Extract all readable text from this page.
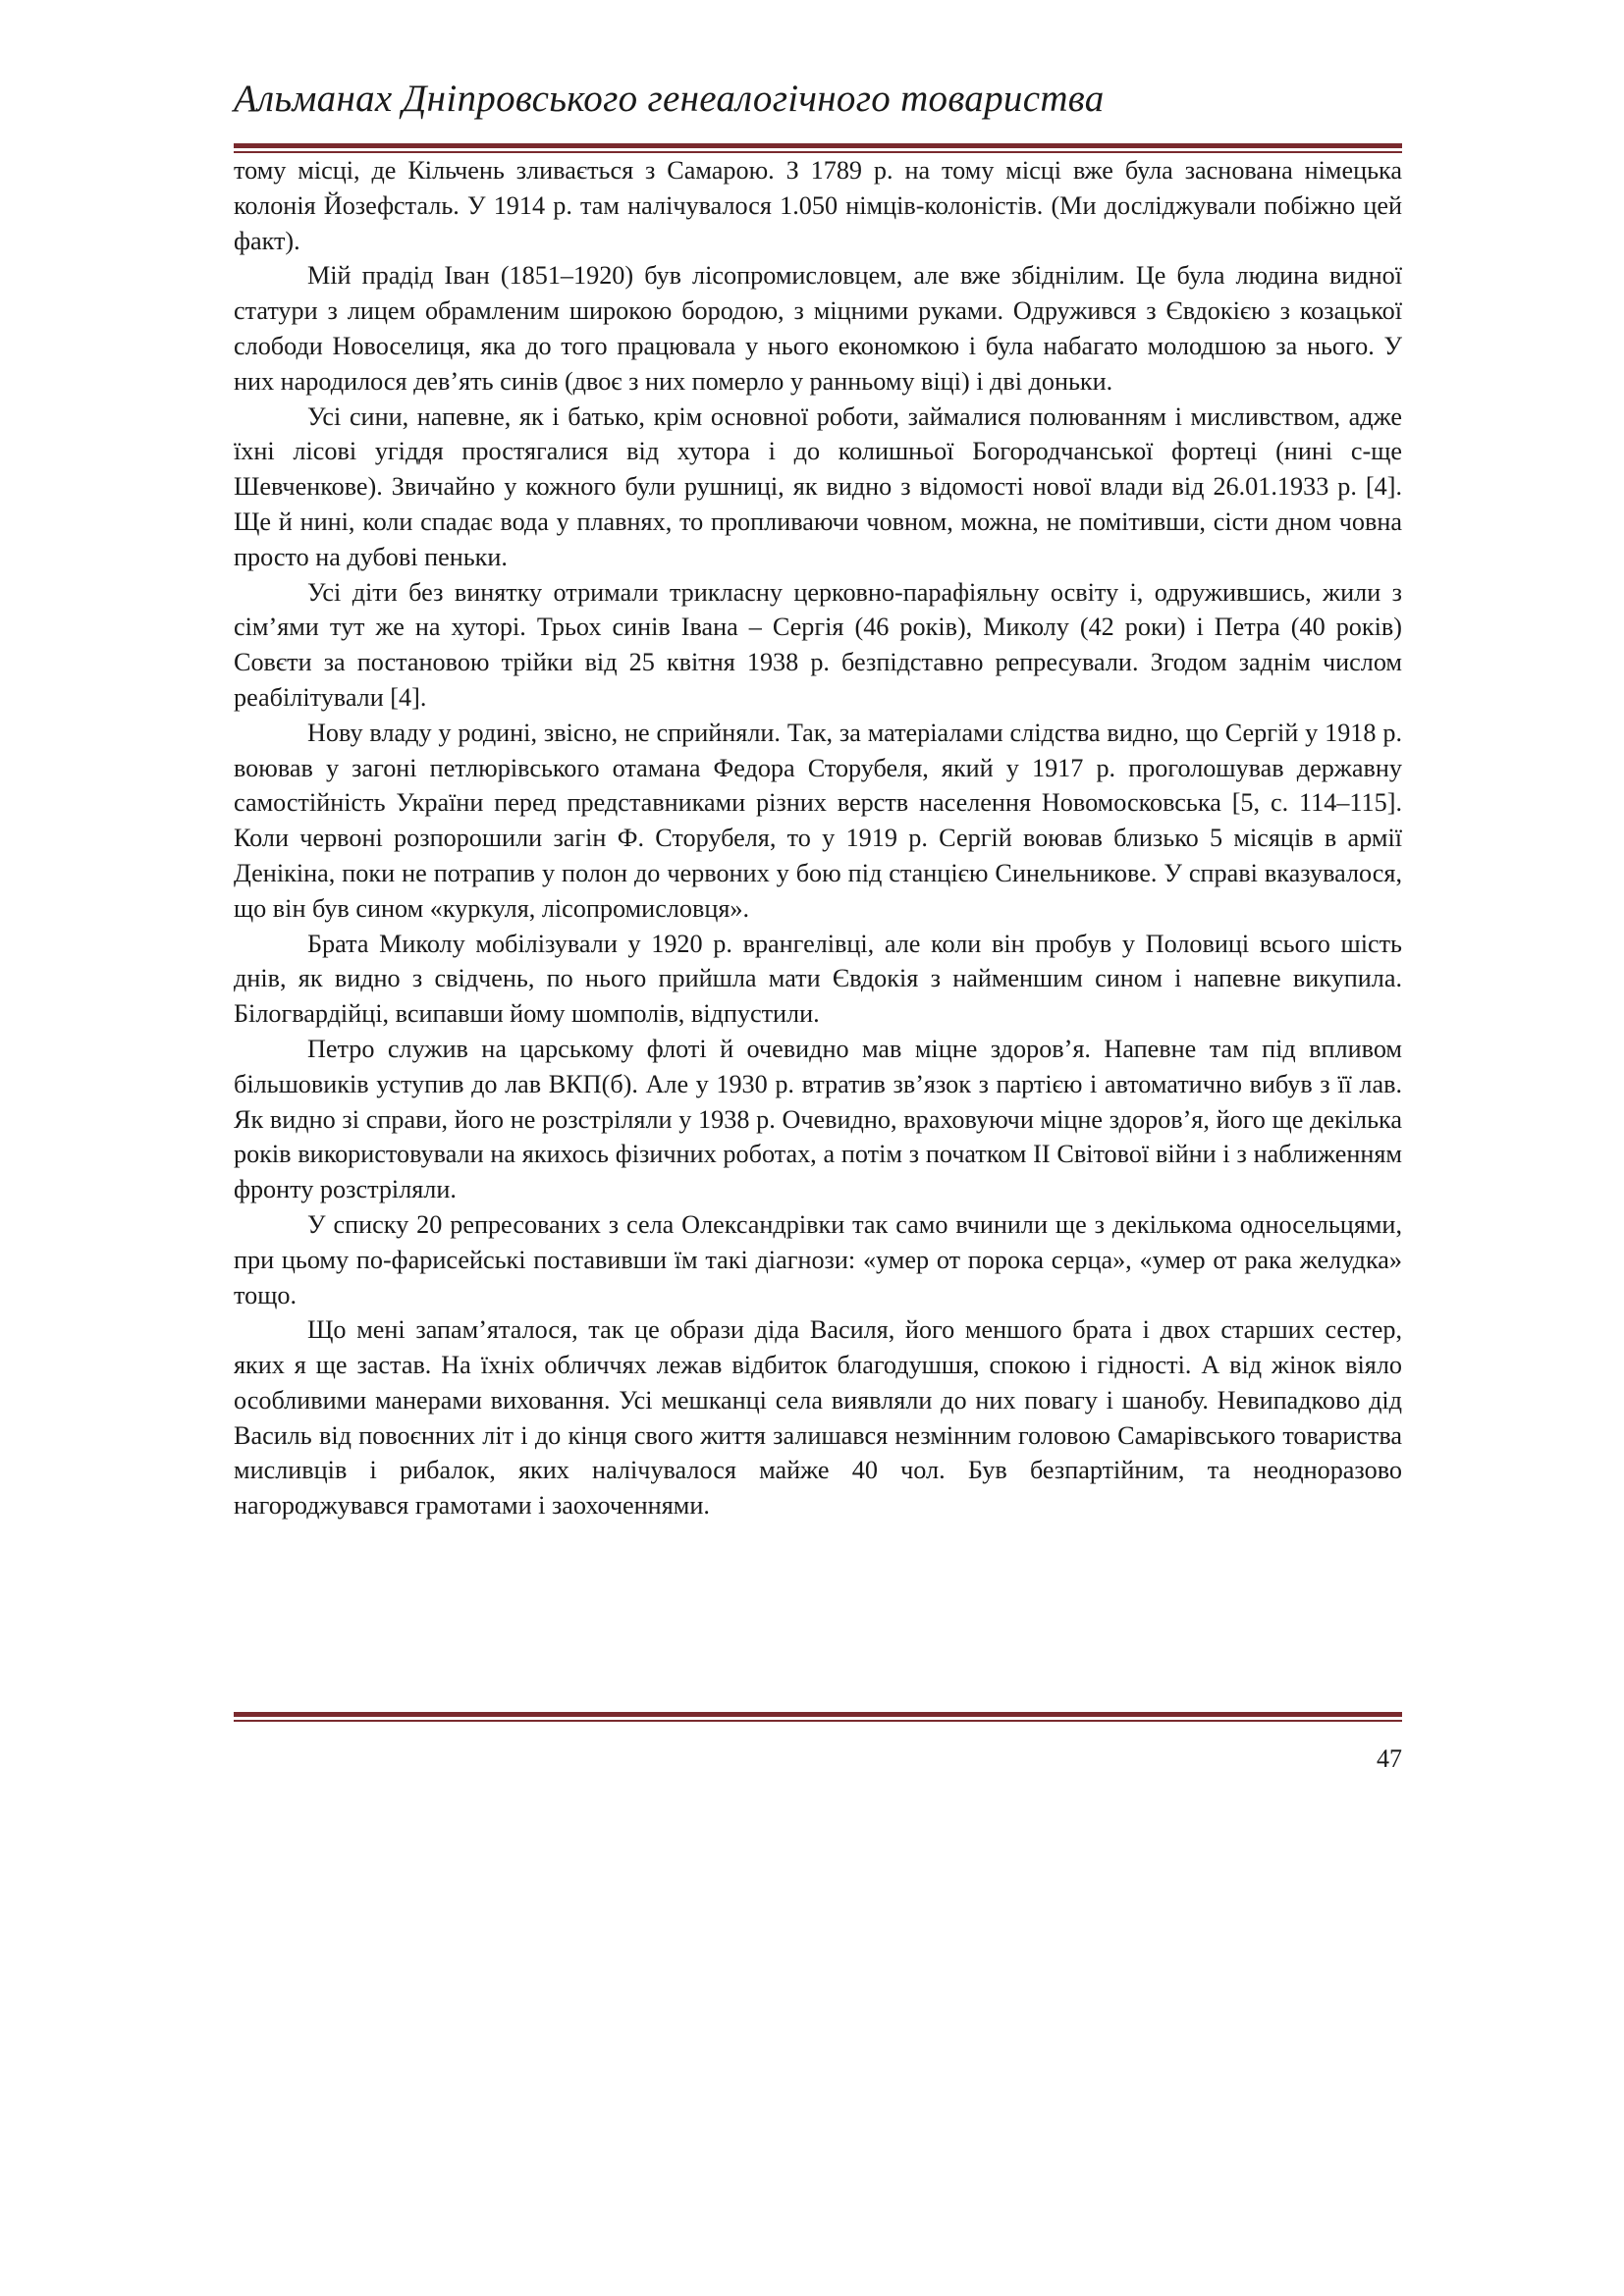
Альманах Дніпровського генеалогічного товариства

тому місці, де Кільчень зливається з Самарою. З 1789 р. на тому місці вже була заснована німецька колонія Йозефсталь. У 1914 р. там налічувалося 1.050 німців-колоністів. (Ми досліджували побіжно цей факт).

Мій прадід Іван (1851–1920) був лісопромисловцем, але вже збіднілим. Це була людина видної статури з лицем обрамленим широкою бородою, з міцними руками. Одружився з Євдокією з козацької слободи Новоселиця, яка до того працювала у нього економкою і була набагато молодшою за нього. У них народилося дев’ять синів (двоє з них померло у ранньому віці) і дві доньки.

Усі сини, напевне, як і батько, крім основної роботи, займалися полюванням і мисливством, адже їхні лісові угіддя простягалися від хутора і до колишньої Богородчанської фортеці (нині с-ще Шевченкове). Звичайно у кожного були рушниці, як видно з відомості нової влади від 26.01.1933 р. [4]. Ще й нині, коли спадає вода у плавнях, то пропливаючи човном, можна, не помітивши, сісти дном човна просто на дубові пеньки.

Усі діти без винятку отримали трикласну церковно-парафіяльну освіту і, одружившись, жили з сім’ями тут же на хуторі. Трьох синів Івана – Сергія (46 років), Миколу (42 роки) і Петра (40 років) Совєти за постановою трійки від 25 квітня 1938 р. безпідставно репресували. Згодом заднім числом реабілітували [4].

Нову владу у родині, звісно, не сприйняли. Так, за матеріалами слідства видно, що Сергій у 1918 р. воював у загоні петлюрівського отамана Федора Сторубеля, який у 1917 р. проголошував державну самостійність України перед представниками різних верств населення Новомосковська [5, с. 114–115]. Коли червоні розпорошили загін Ф. Сторубеля, то у 1919 р. Сергій воював близько 5 місяців в армії Денікіна, поки не потрапив у полон до червоних у бою під станцією Синельникове. У справі вказувалося, що він був сином «куркуля, лісопромисловця».

Брата Миколу мобілізували у 1920 р. врангелівці, але коли він пробув у Половиці всього шість днів, як видно з свідчень, по нього прийшла мати Євдокія з найменшим сином і напевне викупила. Білогвардійці, всипавши йому шомполів, відпустили.

Петро служив на царському флоті й очевидно мав міцне здоров’я. Напевне там під впливом більшовиків уступив до лав ВКП(б). Але у 1930 р. втратив зв’язок з партією і автоматично вибув з її лав. Як видно зі справи, його не розстріляли у 1938 р. Очевидно, враховуючи міцне здоров’я, його ще декілька років використовували на якихось фізичних роботах, а потім з початком ІІ Світової війни і з наближенням фронту розстріляли.

У списку 20 репресованих з села Олександрівки так само вчинили ще з декількома односельцями, при цьому по-фарисейські поставивши їм такі діагнози: «умер от порока серца», «умер от рака желудка» тощо.

Що мені запам’яталося, так це образи діда Василя, його меншого брата і двох старших сестер, яких я ще застав. На їхніх обличчях лежав відбиток благодушшя, спокою і гідності. А від жінок віяло особливими манерами виховання. Усі мешканці села виявляли до них повагу і шанобу. Невипадково дід Василь від повоєнних літ і до кінця свого життя залишався незмінним головою Самарівського товариства мисливців і рибалок, яких налічувалося майже 40 чол. Був безпартійним, та неодноразово нагороджувався грамотами і заохоченнями.

47
